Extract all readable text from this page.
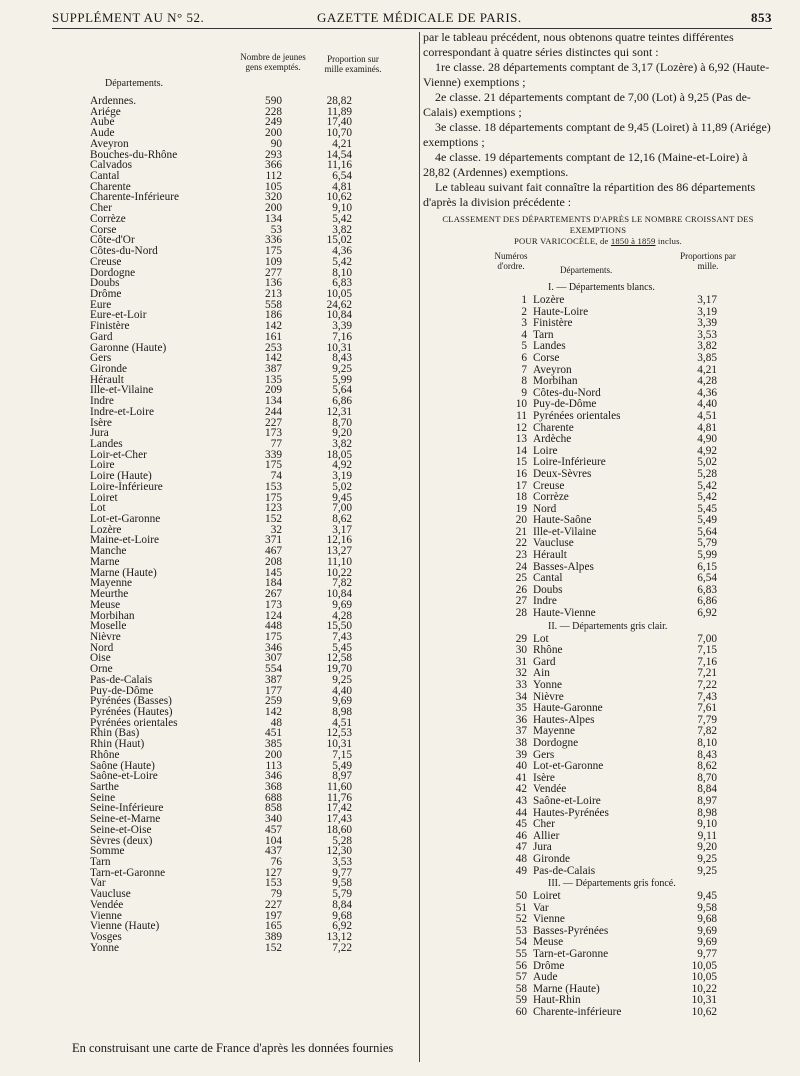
SUPPLÉMENT AU N° 52.	GAZETTE MÉDICALE DE PARIS.	853
Départements.
Nombre de jeunes gens exemptés.
Proportion sur mille examinés.
Ardennes.	590	28,82
Ariége	228	11,89
Aube	249	17,40
Aude	200	10,70
Aveyron	90	4,21
Bouches-du-Rhône	293	14,54
Calvados	366	11,16
Cantal	112	6,54
Charente	105	4,81
Charente-Inférieure	320	10,62
Cher	200	9,10
Corrèze	134	5,42
Corse	53	3,82
Côte-d'Or	336	15,02
Côtes-du-Nord	175	4,36
Creuse	109	5,42
Dordogne	277	8,10
Doubs	136	6,83
Drôme	213	10,05
Eure	558	24,62
Eure-et-Loir	186	10,84
Finistère	142	3,39
Gard	161	7,16
Garonne (Haute)	253	10,31
Gers	142	8,43
Gironde	387	9,25
Hérault	135	5,99
Ille-et-Vilaine	209	5,64
Indre	134	6,86
Indre-et-Loire	244	12,31
Isère	227	8,70
Jura	173	9,20
Landes	77	3,82
Loir-et-Cher	339	18,05
Loire	175	4,92
Loire (Haute)	74	3,19
Loire-Inférieure	153	5,02
Loiret	175	9,45
Lot	123	7,00
Lot-et-Garonne	152	8,62
Lozère	32	3,17
Maine-et-Loire	371	12,16
Manche	467	13,27
Marne	208	11,10
Marne (Haute)	145	10,22
Mayenne	184	7,82
Meurthe	267	10,84
Meuse	173	9,69
Morbihan	124	4,28
Moselle	448	15,50
Nièvre	175	7,43
Nord	346	5,45
Oise	307	12,58
Orne	554	19,70
Pas-de-Calais	387	9,25
Puy-de-Dôme	177	4,40
Pyrénées (Basses)	259	9,69
Pyrénées (Hautes)	142	8,98
Pyrénées orientales	48	4,51
Rhin (Bas)	451	12,53
Rhin (Haut)	385	10,31
Rhône	200	7,15
Saône (Haute)	113	5,49
Saône-et-Loire	346	8,97
Sarthe	368	11,60
Seine	688	11,76
Seine-Inférieure	858	17,42
Seine-et-Marne	340	17,43
Seine-et-Oise	457	18,60
Sèvres (deux)	104	5,28
Somme	437	12,30
Tarn	76	3,53
Tarn-et-Garonne	127	9,77
Var	153	9,58
Vaucluse	79	5,79
Vendée	227	8,84
Vienne	197	9,68
Vienne (Haute)	165	6,92
Vosges	389	13,12
Yonne	152	7,22

par le tableau précédent, nous obtenons quatre teintes différentes correspondant à quatre séries distinctes qui sont :

1re classe. 28 départements comptant de 3,17 (Lozère) à 6,92 (Haute-Vienne) exemptions ;

2e classe. 21 départements comptant de 7,00 (Lot) à 9,25 (Pas de-Calais) exemptions ;

3e classe. 18 départements comptant de 9,45 (Loiret) à 11,89 (Ariége) exemptions ;

4e classe. 19 départements comptant de 12,16 (Maine-et-Loire) à 28,82 (Ardennes) exemptions.

Le tableau suivant fait connaître la répartition des 86 départements d'après la division précédente :

CLASSEMENT DES DÉPARTEMENTS D'APRÈS LE NOMBRE CROISSANT DES EXEMPTIONS
POUR VARICOCÈLE, de 1850 à 1859 inclus.
Numéros d'ordre.	Départements.
Proportions par mille.
I. — Départements blancs.
1 Lozère	3,17
2 Haute-Loire	3,19
3 Finistère	3,39
4 Tarn	3,53
5 Landes	3,82
6 Corse	3,85
7 Aveyron	4,21
8 Morbihan	4,28
9 Côtes-du-Nord	4,36
10 Puy-de-Dôme	4,40
11 Pyrénées orientales	4,51
12 Charente	4,81
13 Ardèche	4,90
14 Loire	4,92
15 Loire-Inférieure	5,02
16 Deux-Sèvres	5,28
17 Creuse	5,42
18 Corrèze	5,42
19 Nord	5,45
20 Haute-Saône	5,49
21 Ille-et-Vilaine	5,64
22 Vaucluse	5,79
23 Hérault	5,99
24 Basses-Alpes	6,15
25 Cantal	6,54
26 Doubs	6,83
27 Indre	6,86
28 Haute-Vienne	6,92
II. — Départements gris clair.
29 Lot	7,00
30 Rhône	7,15
31 Gard	7,16
32 Ain	7,21
33 Yonne	7,22
34 Nièvre	7,43
35 Haute-Garonne	7,61
36 Hautes-Alpes	7,79
37 Mayenne	7,82
38 Dordogne	8,10
39 Gers	8,43
40 Lot-et-Garonne	8,62
41 Isère	8,70
42 Vendée	8,84
43 Saône-et-Loire	8,97
44 Hautes-Pyrénées	8,98
45 Cher	9,10
46 Allier	9,11
47 Jura	9,20
48 Gironde	9,25
49 Pas-de-Calais	9,25
III. — Départements gris foncé.
50 Loiret	9,45
51 Var	9,58
52 Vienne	9,68
53 Basses-Pyrénées	9,69
54 Meuse	9,69
55 Tarn-et-Garonne	9,77
56 Drôme	10,05
57 Aude	10,05
58 Marne (Haute)	10,22
59 Haut-Rhin	10,31
60 Charente-inférieure	10,62
En construisant une carte de France d'après les données fournies
